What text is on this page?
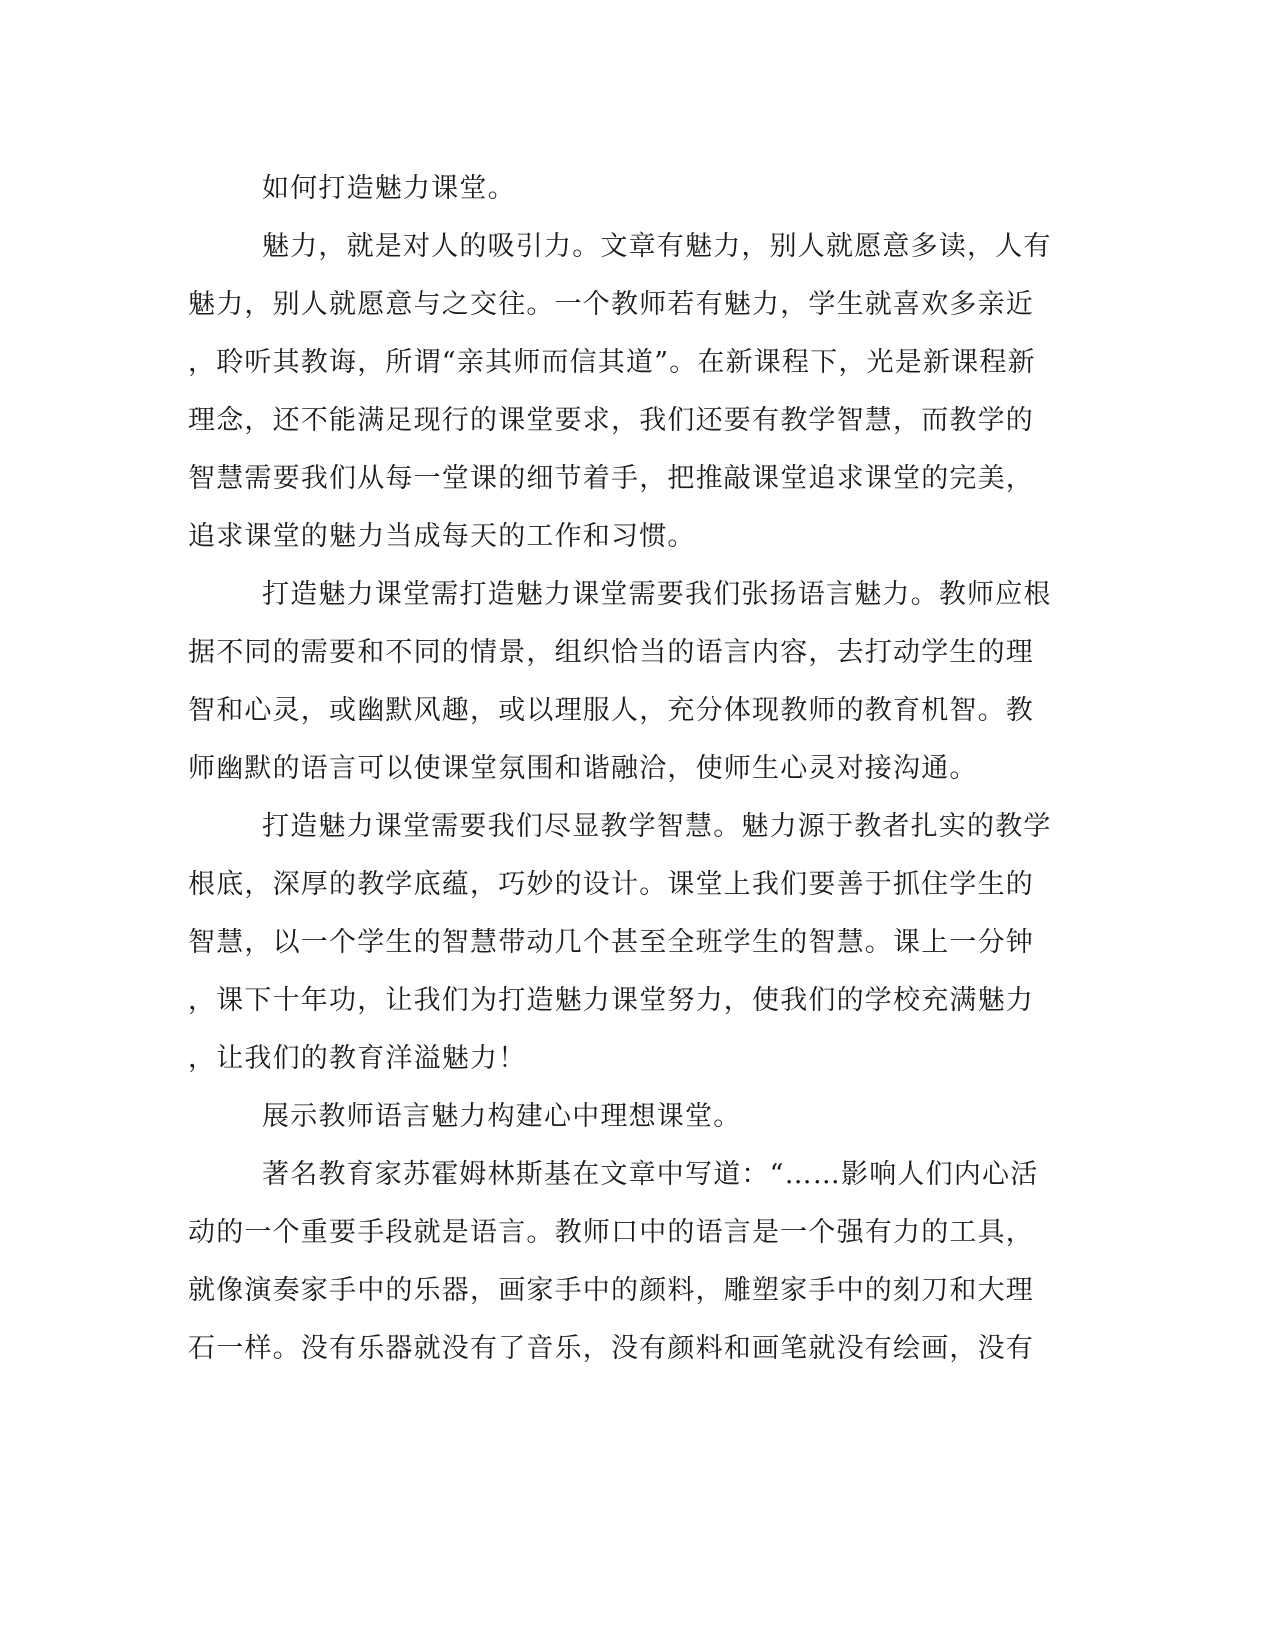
如何打造魅力课堂。
魅力，就是对人的吸引力。文章有魅力，别人就愿意多读，人有
魅力，别人就愿意与之交往。一个教师若有魅力，学生就喜欢多亲近
，聆听其教诲，所谓“亲其师而信其道”。在新课程下，光是新课程新
理念，还不能满足现行的课堂要求，我们还要有教学智慧，而教学的
智慧需要我们从每一堂课的细节着手，把推敲课堂追求课堂的完美，
追求课堂的魅力当成每天的工作和习惯。
打造魅力课堂需打造魅力课堂需要我们张扬语言魅力。教师应根
据不同的需要和不同的情景，组织恰当的语言内容，去打动学生的理
智和心灵，或幽默风趣，或以理服人，充分体现教师的教育机智。教
师幽默的语言可以使课堂氛围和谐融洽，使师生心灵对接沟通。
打造魅力课堂需要我们尽显教学智慧。魅力源于教者扎实的教学
根底，深厚的教学底蕴，巧妙的设计。课堂上我们要善于抓住学生的
智慧，以一个学生的智慧带动几个甚至全班学生的智慧。课上一分钟
，课下十年功，让我们为打造魅力课堂努力，使我们的学校充满魅力
，让我们的教育洋溢魅力！
展示教师语言魅力构建心中理想课堂。
著名教育家苏霍姆林斯基在文章中写道：“……影响人们内心活
动的一个重要手段就是语言。教师口中的语言是一个强有力的工具，
就像演奏家手中的乐器，画家手中的颜料，雕塑家手中的刻刀和大理
石一样。没有乐器就没有了音乐，没有颜料和画笔就没有绘画，没有
